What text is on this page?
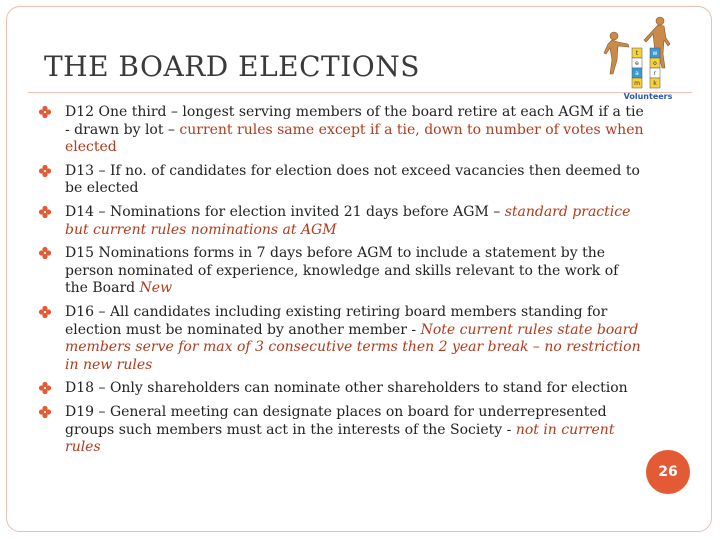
THE BOARD ELECTIONS	t
e
a
m
w
o
r
k
Volunteers
D12 One third – longest serving members of the board retire at each AGM if a tie - drawn by lot – current rules same except if a tie, down to number of votes when elected
D13 – If no. of candidates for election does not exceed vacancies then deemed to be elected
D14 – Nominations for election invited 21 days before AGM – standard practice but current rules nominations at AGM
D15 Nominations forms in 7 days before AGM to include a statement by the person nominated of experience, knowledge and skills relevant to the work of the Board New
D16 – All candidates including existing retiring board members standing for election must be nominated by another member - Note current rules state board members serve for max of 3 consecutive terms then 2 year break – no restriction in new rules
D18 – Only shareholders can nominate other shareholders to stand for election
D19 – General meeting can designate places on board for underrepresented groups such members must act in the interests of the Society - not in current rules
26
